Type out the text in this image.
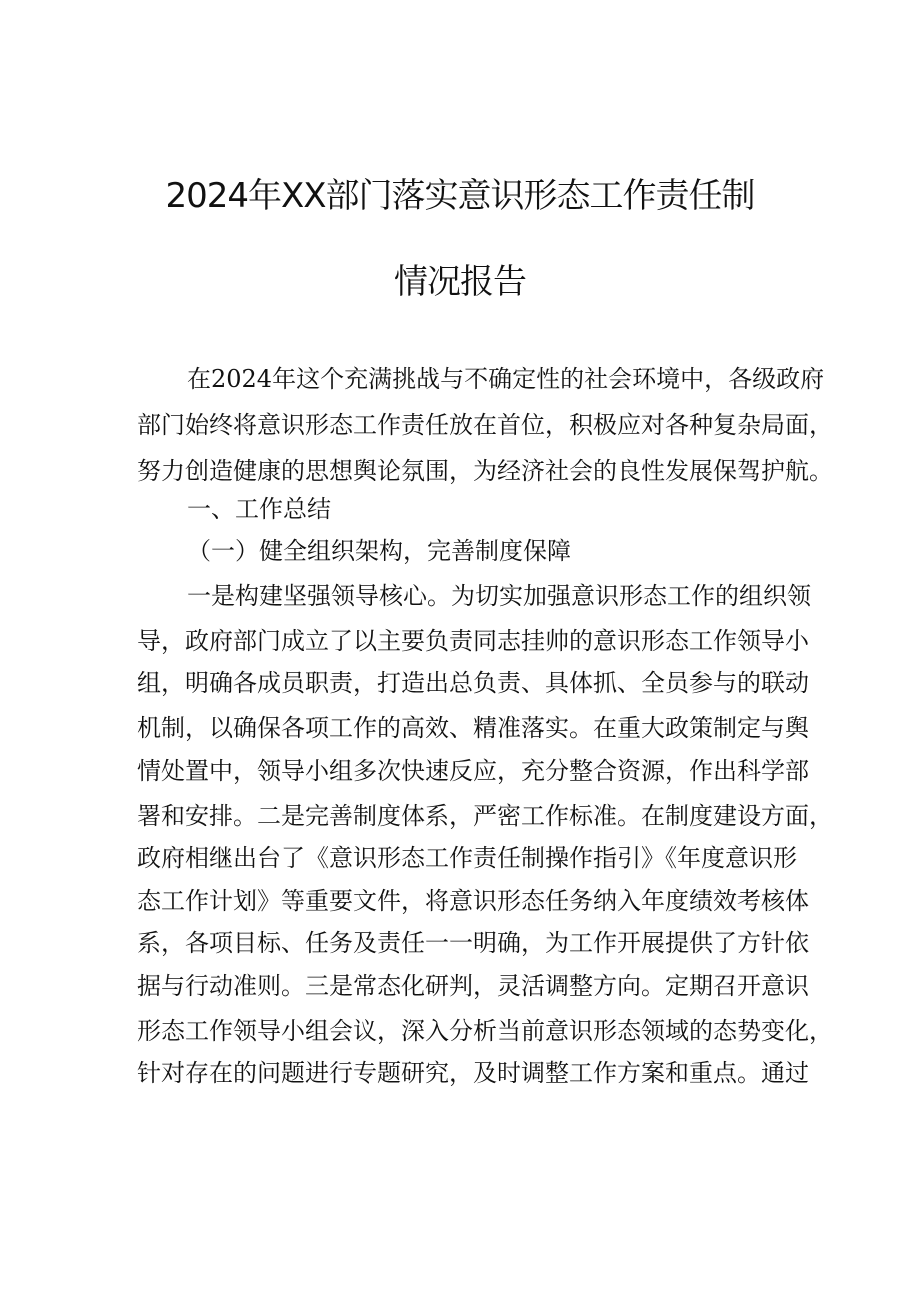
2024年XX部门落实意识形态工作责任制
情况报告

在2024年这个充满挑战与不确定性的社会环境中，各级政府

部门始终将意识形态工作责任放在首位，积极应对各种复杂局面，

努力创造健康的思想舆论氛围，为经济社会的良性发展保驾护航。

一、工作总结

（一）健全组织架构，完善制度保障

一是构建坚强领导核心。为切实加强意识形态工作的组织领

导，政府部门成立了以主要负责同志挂帅的意识形态工作领导小

组，明确各成员职责，打造出总负责、具体抓、全员参与的联动

机制，以确保各项工作的高效、精准落实。在重大政策制定与舆

情处置中，领导小组多次快速反应，充分整合资源，作出科学部

署和安排。二是完善制度体系，严密工作标准。在制度建设方面，

政府相继出台了《意识形态工作责任制操作指引》《年度意识形

态工作计划》等重要文件，将意识形态任务纳入年度绩效考核体

系，各项目标、任务及责任一一明确，为工作开展提供了方针依

据与行动准则。三是常态化研判，灵活调整方向。定期召开意识

形态工作领导小组会议，深入分析当前意识形态领域的态势变化，

针对存在的问题进行专题研究，及时调整工作方案和重点。通过
